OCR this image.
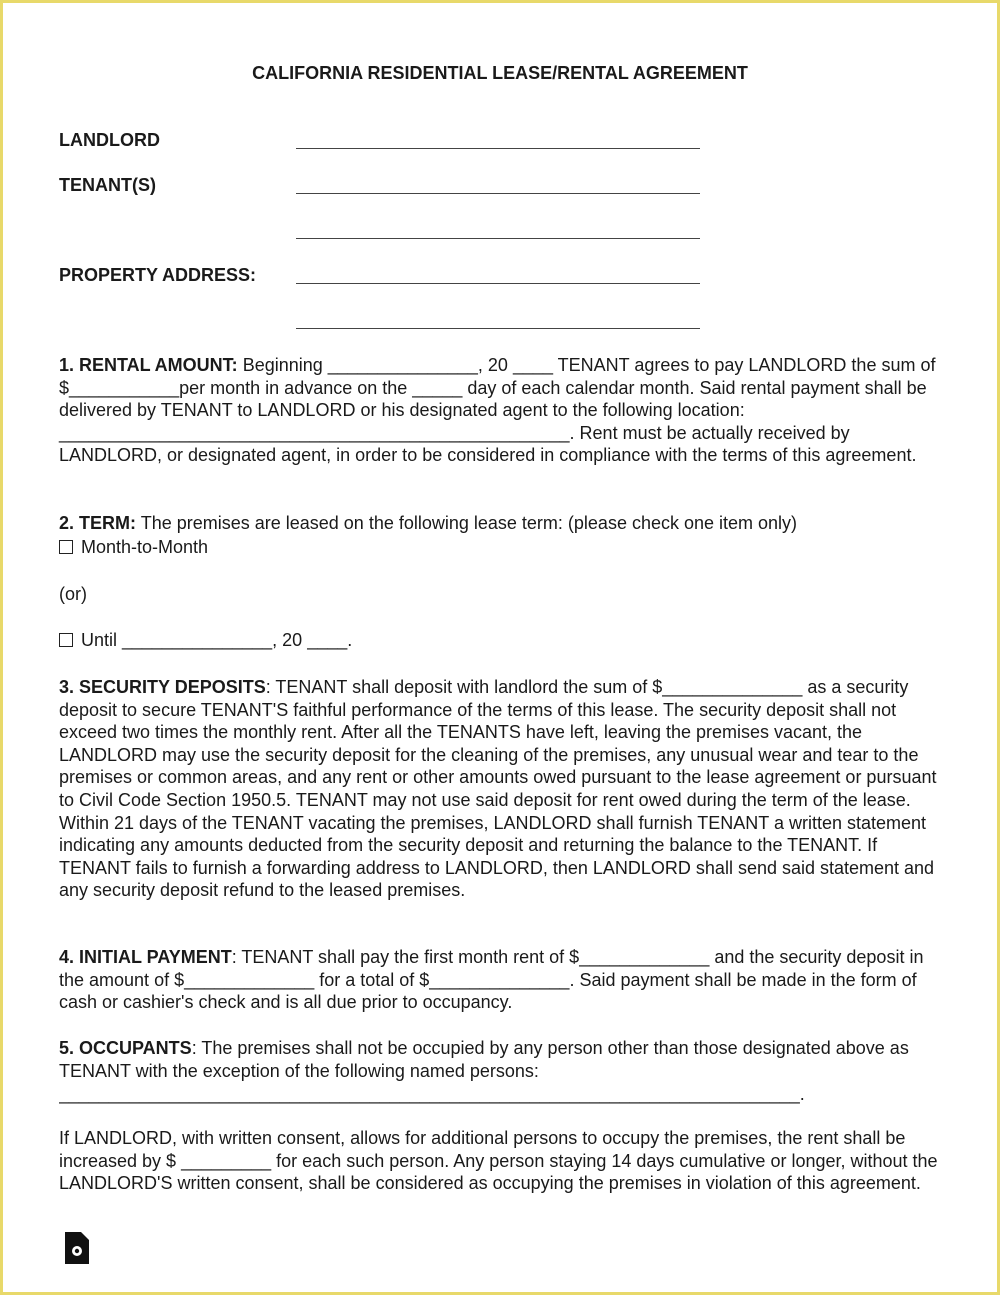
CALIFORNIA RESIDENTIAL LEASE/RENTAL AGREEMENT
LANDLORD
TENANT(S)
PROPERTY ADDRESS:
1. RENTAL AMOUNT: Beginning _______________, 20 ____ TENANT agrees to pay LANDLORD the sum of $___________per month in advance on the _____ day of each calendar month. Said rental payment shall be delivered by TENANT to LANDLORD or his designated agent to the following location: ___________________________________________________. Rent must be actually received by LANDLORD, or designated agent, in order to be considered in compliance with the terms of this agreement.
2. TERM: The premises are leased on the following lease term: (please check one item only)
Month-to-Month
(or)
Until _______________, 20 ____.
3. SECURITY DEPOSITS: TENANT shall deposit with landlord the sum of $______________ as a security deposit to secure TENANT'S faithful performance of the terms of this lease. The security deposit shall not exceed two times the monthly rent. After all the TENANTS have left, leaving the premises vacant, the LANDLORD may use the security deposit for the cleaning of the premises, any unusual wear and tear to the premises or common areas, and any rent or other amounts owed pursuant to the lease agreement or pursuant to Civil Code Section 1950.5. TENANT may not use said deposit for rent owed during the term of the lease. Within 21 days of the TENANT vacating the premises, LANDLORD shall furnish TENANT a written statement indicating any amounts deducted from the security deposit and returning the balance to the TENANT. If TENANT fails to furnish a forwarding address to LANDLORD, then LANDLORD shall send said statement and any security deposit refund to the leased premises.
4. INITIAL PAYMENT: TENANT shall pay the first month rent of $_____________ and the security deposit in the amount of $_____________ for a total of $______________. Said payment shall be made in the form of cash or cashier's check and is all due prior to occupancy.
5. OCCUPANTS: The premises shall not be occupied by any person other than those designated above as TENANT with the exception of the following named persons:
__________________________________________________________________________.
If LANDLORD, with written consent, allows for additional persons to occupy the premises, the rent shall be increased by $ _________ for each such person. Any person staying 14 days cumulative or longer, without the LANDLORD'S written consent, shall be considered as occupying the premises in violation of this agreement.
